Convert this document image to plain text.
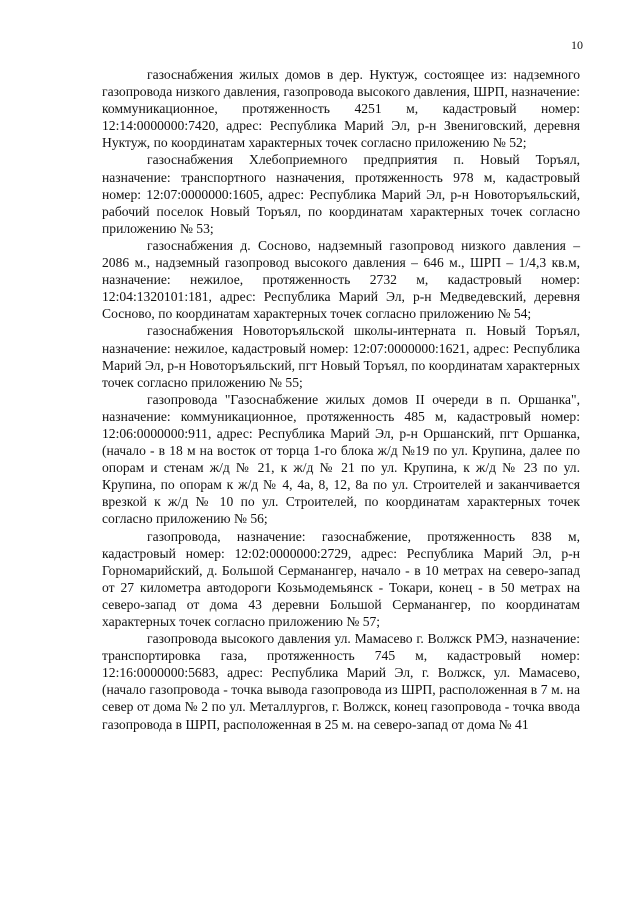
10

газоснабжения жилых домов в дер. Нуктуж, состоящее из: надземного газопровода низкого давления, газопровода высокого давления, ШРП, назначение: коммуникационное, протяженность 4251 м, кадастровый номер: 12:14:0000000:7420, адрес: Республика Марий Эл, р-н Звениговский, деревня Нуктуж, по координатам характерных точек согласно приложению № 52;

газоснабжения Хлебоприемного предприятия п. Новый Торъял, назначение: транспортного назначения, протяженность 978 м, кадастровый номер: 12:07:0000000:1605, адрес: Республика Марий Эл, р-н Новоторъяльский, рабочий поселок Новый Торъял, по координатам характерных точек согласно приложению № 53;

газоснабжения д. Сосново, надземный газопровод низкого давления – 2086 м., надземный газопровод высокого давления – 646 м., ШРП – 1/4,3 кв.м, назначение: нежилое, протяженность 2732 м, кадастровый номер: 12:04:1320101:181, адрес: Республика Марий Эл, р-н Медведевский, деревня Сосново, по координатам характерных точек согласно приложению № 54;

газоснабжения Новоторъяльской школы-интерната п. Новый Торъял, назначение: нежилое, кадастровый номер: 12:07:0000000:1621, адрес: Республика Марий Эл, р-н Новоторъяльский, пгт Новый Торъял, по координатам характерных точек согласно приложению № 55;

газопровода "Газоснабжение жилых домов II очереди в п. Оршанка", назначение: коммуникационное, протяженность 485 м, кадастровый номер: 12:06:0000000:911, адрес: Республика Марий Эл, р-н Оршанский, пгт Оршанка, (начало - в 18 м на восток от торца 1-го блока ж/д №19 по ул. Крупина, далее по опорам и стенам ж/д № 21, к ж/д № 21 по ул. Крупина, к ж/д № 23 по ул. Крупина, по опорам к ж/д № 4, 4а, 8, 12, 8а по ул. Строителей и заканчивается врезкой к ж/д № 10 по ул. Строителей, по координатам характерных точек согласно приложению № 56;

газопровода, назначение: газоснабжение, протяженность 838 м, кадастровый номер: 12:02:0000000:2729, адрес: Республика Марий Эл, р-н Горномарийский, д. Большой Серманангер, начало - в 10 метрах на северо-запад от 27 километра автодороги Козьмодемьянск - Токари, конец - в 50 метрах на северо-запад от дома 43 деревни Большой Серманангер, по координатам характерных точек согласно приложению № 57;

газопровода высокого давления ул. Мамасево г. Волжск РМЭ, назначение: транспортировка газа, протяженность 745 м, кадастровый номер: 12:16:0000000:5683, адрес: Республика Марий Эл, г. Волжск, ул. Мамасево, (начало газопровода - точка вывода газопровода из ШРП, расположенная в 7 м. на север от дома № 2 по ул. Металлургов, г. Волжск, конец газопровода - точка ввода газопровода в ШРП, расположенная в 25 м. на северо-запад от дома № 41
